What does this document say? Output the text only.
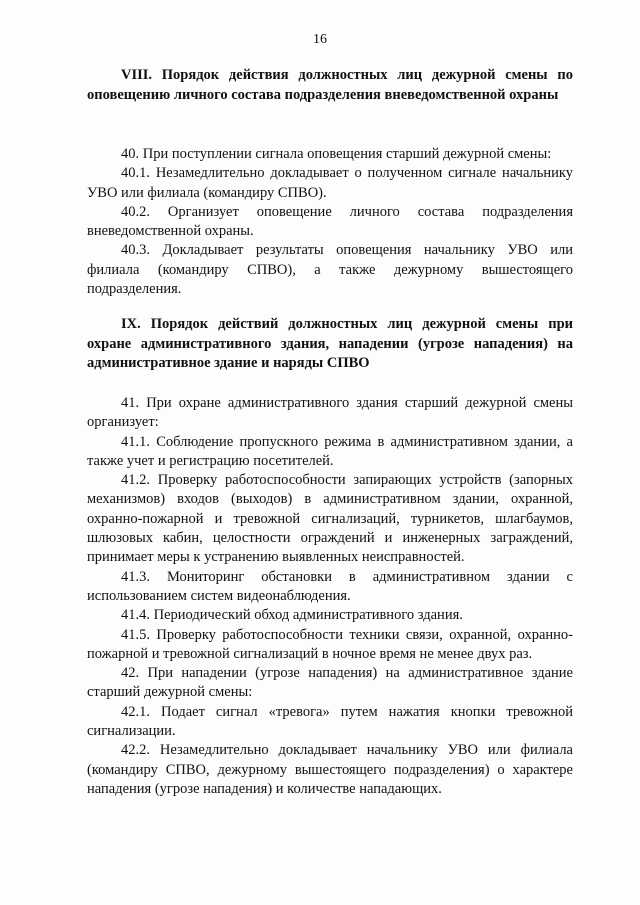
16
VIII. Порядок действия должностных лиц дежурной смены по оповещению личного состава подразделения вневедомственной охраны

40. При поступлении сигнала оповещения старший дежурной смены:

40.1. Незамедлительно докладывает о полученном сигнале начальнику УВО или филиала (командиру СПВО).

40.2. Организует оповещение личного состава подразделения вневедомственной охраны.

40.3. Докладывает результаты оповещения начальнику УВО или филиала (командиру СПВО), а также дежурному вышестоящего подразделения.

IX. Порядок действий должностных лиц дежурной смены при охране административного здания, нападении (угрозе нападения) на административное здание и наряды СПВО

41. При охране административного здания старший дежурной смены организует:

41.1. Соблюдение пропускного режима в административном здании, а также учет и регистрацию посетителей.

41.2. Проверку работоспособности запирающих устройств (запорных механизмов) входов (выходов) в административном здании, охранной, охранно-пожарной и тревожной сигнализаций, турникетов, шлагбаумов, шлюзовых кабин, целостности ограждений и инженерных заграждений, принимает меры к устранению выявленных неисправностей.

41.3. Мониторинг обстановки в административном здании с использованием систем видеонаблюдения.

41.4. Периодический обход административного здания.

41.5. Проверку работоспособности техники связи, охранной, охранно-пожарной и тревожной сигнализаций в ночное время не менее двух раз.

42. При нападении (угрозе нападения) на административное здание старший дежурной смены:

42.1. Подает сигнал «тревога» путем нажатия кнопки тревожной сигнализации.

42.2. Незамедлительно докладывает начальнику УВО или филиала (командиру СПВО, дежурному вышестоящего подразделения) о характере нападения (угрозе нападения) и количестве нападающих.
